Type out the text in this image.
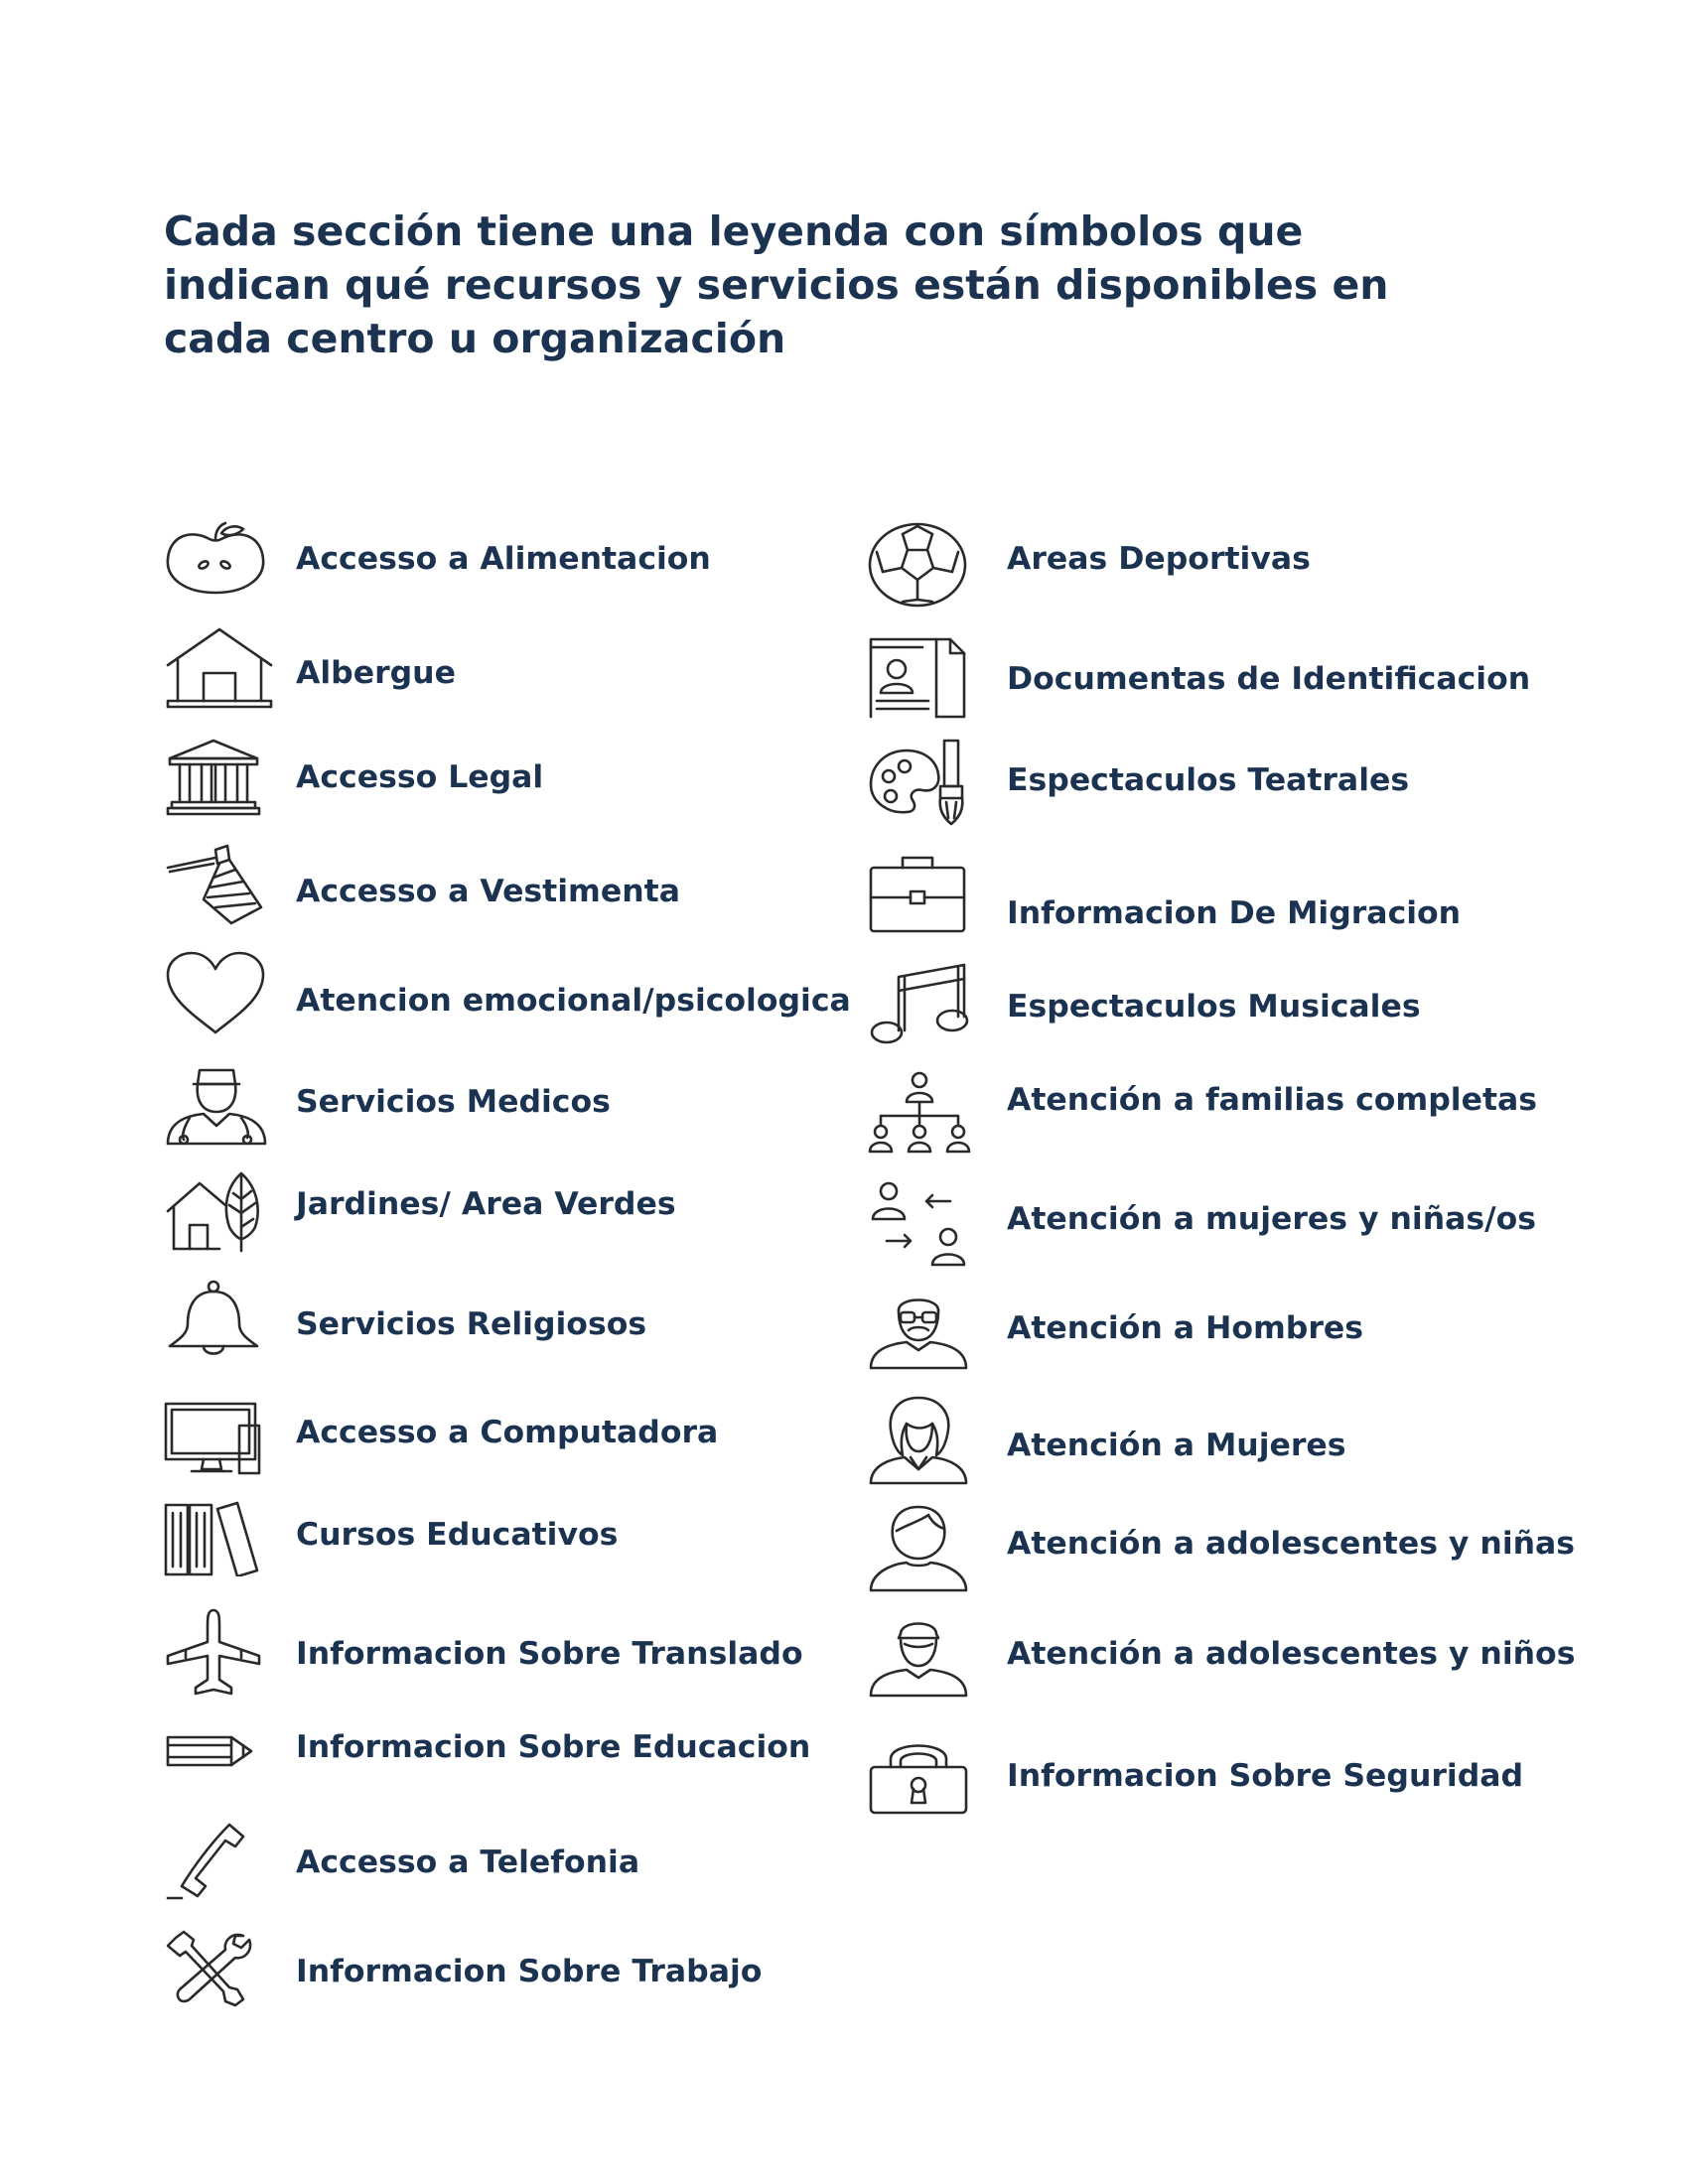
Cada sección tiene una leyenda con símbolos que indican qué recursos y servicios están disponibles en cada centro u organización
Accesso a Alimentacion
Albergue
Accesso Legal
Accesso a Vestimenta
Atencion emocional/psicologica
Servicios Medicos
Jardines/ Area Verdes
Servicios Religiosos
Accesso a Computadora
Cursos Educativos
Informacion Sobre Translado
Informacion Sobre Educacion
Accesso a Telefonia
Informacion Sobre Trabajo
Areas Deportivas
Documentas de Identificacion
Espectaculos Teatrales
Informacion De Migracion
Espectaculos Musicales
Atención a familias completas
Atención a mujeres y niñas/os
Atención a Hombres
Atención a Mujeres
Atención a adolescentes y niñas
Atención a adolescentes y niños
Informacion Sobre Seguridad
